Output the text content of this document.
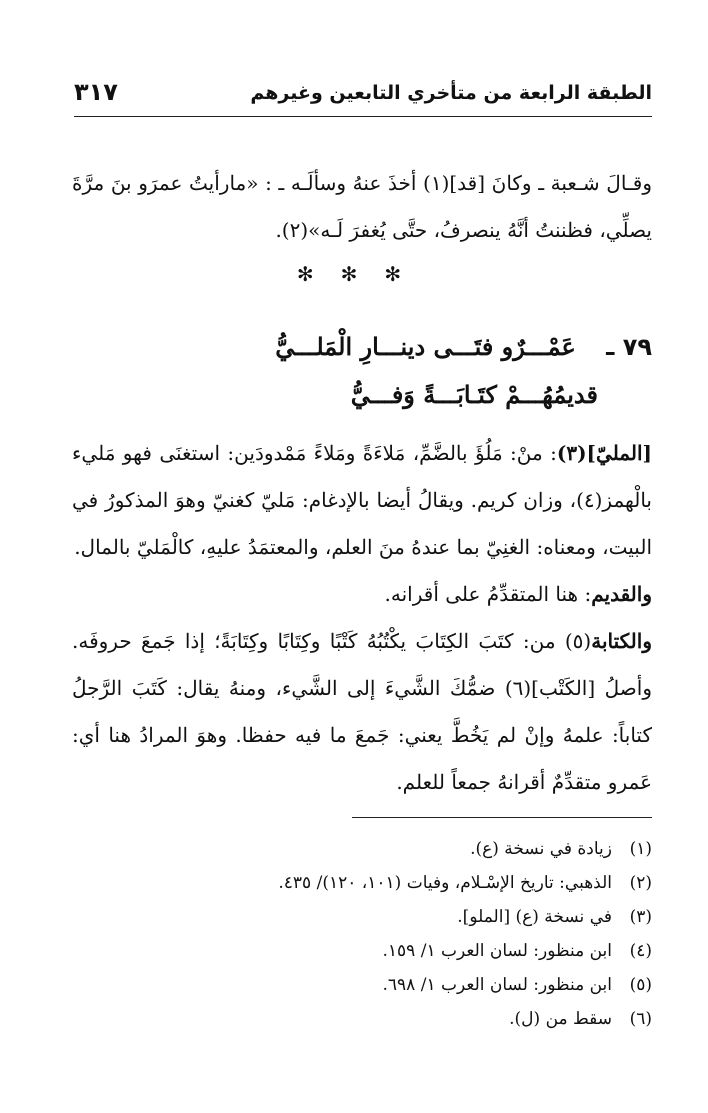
الطبقة الرابعة من متأخري التابعين وغيرهم
٣١٧

وقـالَ شـعبة ـ وكانَ [قد](١) أخذَ عنهُ وسألَـه ـ : «مارأيتُ عمرَو بنَ مرَّةَ يصلِّي، فظننتُ أنَّهُ ينصرفُ، حتَّى يُغفرَ لَـه»(٢).

✻ ✻ ✻
٧٩ ـ عَمْـــرٌو فتَـــى دينـــارِ الْمَلـــيُّ
قديمُهُـــمْ كتَـابَـــةً وَفـــيُّ

[المليّ](٣): منْ: مَلُؤَ بالضَّمِّ، مَلاءَةً ومَلاءً مَمْدودَين: استغنَى فهو مَليء بالْهمز(٤)، وزان كريم. ويقالُ أيضا بالإدغام: مَليّ كغنيّ وهوَ المذكورُ في البيت، ومعناه: الغنِيّ بما عندهُ منَ العلم، والمعتمَدُ عليهِ، كالْمَليّ بالمال.

والقديم: هنا المتقدِّمُ على أقرانه.

والكتابة(٥) من: كتَبَ الكِتَابَ يكْتُبُهُ كَتْبًا وكِتَابًا وكِتَابَةً؛ إذا جَمعَ حروفَه. وأصلُ [الكَتْب](٦) ضمُّكَ الشَّيءَ إلى الشَّيء، ومنهُ يقال: كَتَبَ الرَّجلُ كتاباً: علمهُ وإنْ لم يَخُطَّ يعني: جَمعَ ما فيه حفظا. وهوَ المرادُ هنا أي: عَمرو متقدِّمٌ أقرانهُ جمعاً للعلم.

(١)
زيادة في نسخة (ع).
(٢)
الذهبي: تاريخ الإسْـلام، وفيات (١٠١، ١٢٠)/ ٤٣٥.
(٣)
في نسخة (ع) [الملو].
(٤)
ابن منظور: لسان العرب ١/ ١٥٩.
(٥)
ابن منظور: لسان العرب ١/ ٦٩٨.
(٦)
سقط من (ل).
